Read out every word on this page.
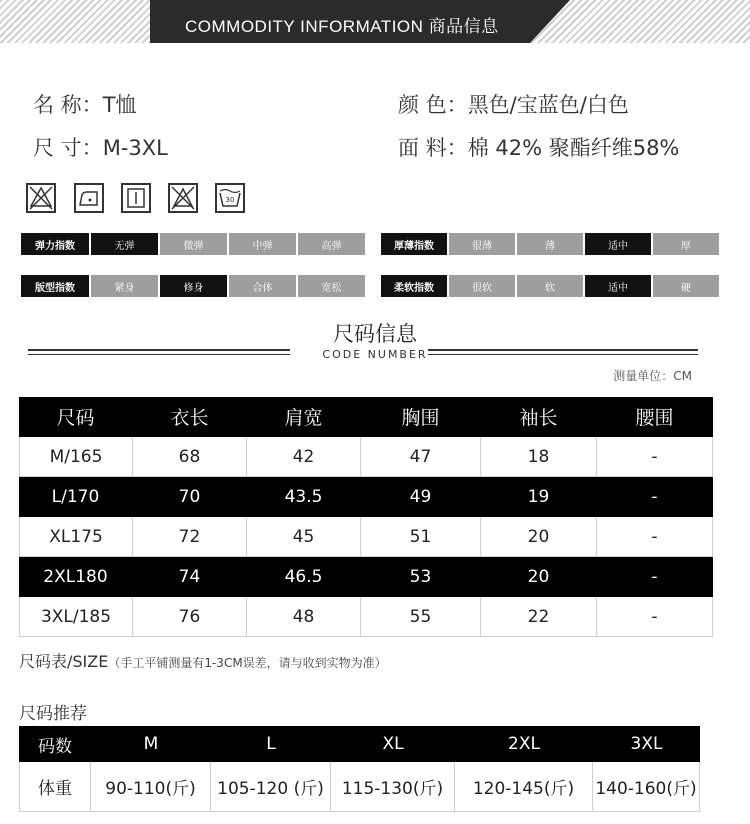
COMMODITY INFORMATION 商品信息
名 称：T恤	颜 色：黑色/宝蓝色/白色
尺 寸：M-3XL	面 料：棉 42% 聚酯纤维58%
30
弹力指数	无弹	微弹	中弹	高弹	厚薄指数	很薄	薄	适中	厚
版型指数	紧身	修身	合体	宽松	柔软指数	很软	软	适中	硬
尺码信息
CODE NUMBER
测量单位：CM
尺码	衣长	肩宽	胸围	袖长	腰围
M/165	68	42	47	18	-
L/170	70	43.5	49	19	-
XL175	72	45	51	20	-
2XL180	74	46.5	53	20	-
3XL/185	76	48	55	22	-
尺码表/SIZE（手工平铺测量有1-3CM误差，请与收到实物为准）
尺码推荐
码数	M	L	XL	2XL	3XL
体重	90-110(斤)	105-120 (斤)	115-130(斤)	120-145(斤)	140-160(斤)
